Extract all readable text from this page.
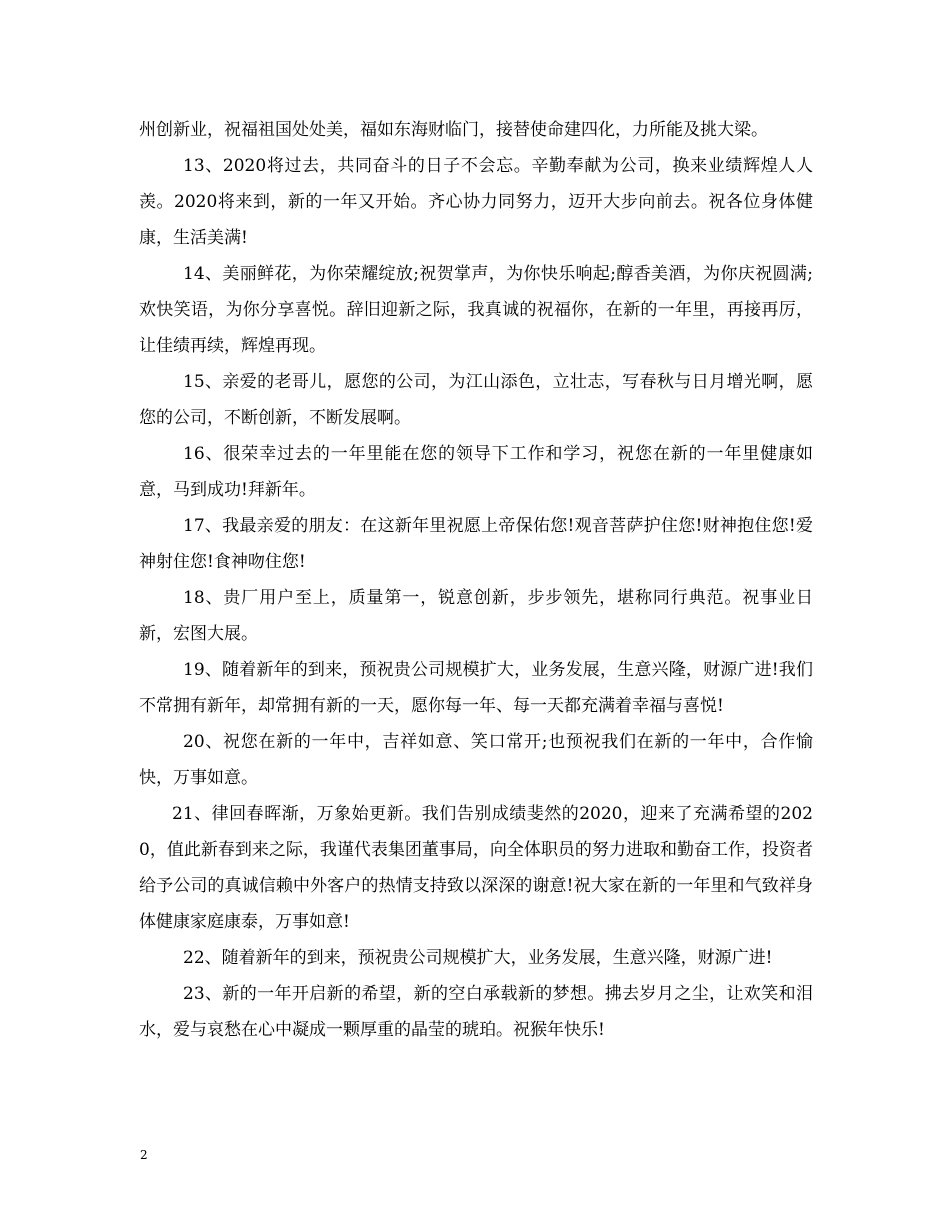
州创新业，祝福祖国处处美，福如东海财临门，接替使命建四化，力所能及挑大梁。

13、2020将过去，共同奋斗的日子不会忘。辛勤奉献为公司，换来业绩辉煌人人羡。2020将来到，新的一年又开始。齐心协力同努力，迈开大步向前去。祝各位身体健康，生活美满!

14、美丽鲜花，为你荣耀绽放;祝贺掌声，为你快乐响起;醇香美酒，为你庆祝圆满;欢快笑语，为你分享喜悦。辞旧迎新之际，我真诚的祝福你，在新的一年里，再接再厉，让佳绩再续，辉煌再现。

15、亲爱的老哥儿，愿您的公司，为江山添色，立壮志，写春秋与日月增光啊，愿您的公司，不断创新，不断发展啊。

16、很荣幸过去的一年里能在您的领导下工作和学习，祝您在新的一年里健康如意，马到成功!拜新年。

17、我最亲爱的朋友：在这新年里祝愿上帝保佑您!观音菩萨护住您!财神抱住您!爱神射住您!食神吻住您!

18、贵厂用户至上，质量第一，锐意创新，步步领先，堪称同行典范。祝事业日新，宏图大展。

19、随着新年的到来，预祝贵公司规模扩大，业务发展，生意兴隆，财源广进!我们不常拥有新年，却常拥有新的一天，愿你每一年、每一天都充满着幸福与喜悦!

20、祝您在新的一年中，吉祥如意、笑口常开;也预祝我们在新的一年中，合作愉快，万事如意。

21、律回春晖渐，万象始更新。我们告别成绩斐然的2020，迎来了充满希望的2020，值此新春到来之际，我谨代表集团董事局，向全体职员的努力进取和勤奋工作，投资者给予公司的真诚信赖中外客户的热情支持致以深深的谢意!祝大家在新的一年里和气致祥身体健康家庭康泰，万事如意!

22、随着新年的到来，预祝贵公司规模扩大，业务发展，生意兴隆，财源广进!

23、新的一年开启新的希望，新的空白承载新的梦想。拂去岁月之尘，让欢笑和泪水，爱与哀愁在心中凝成一颗厚重的晶莹的琥珀。祝猴年快乐!

2
